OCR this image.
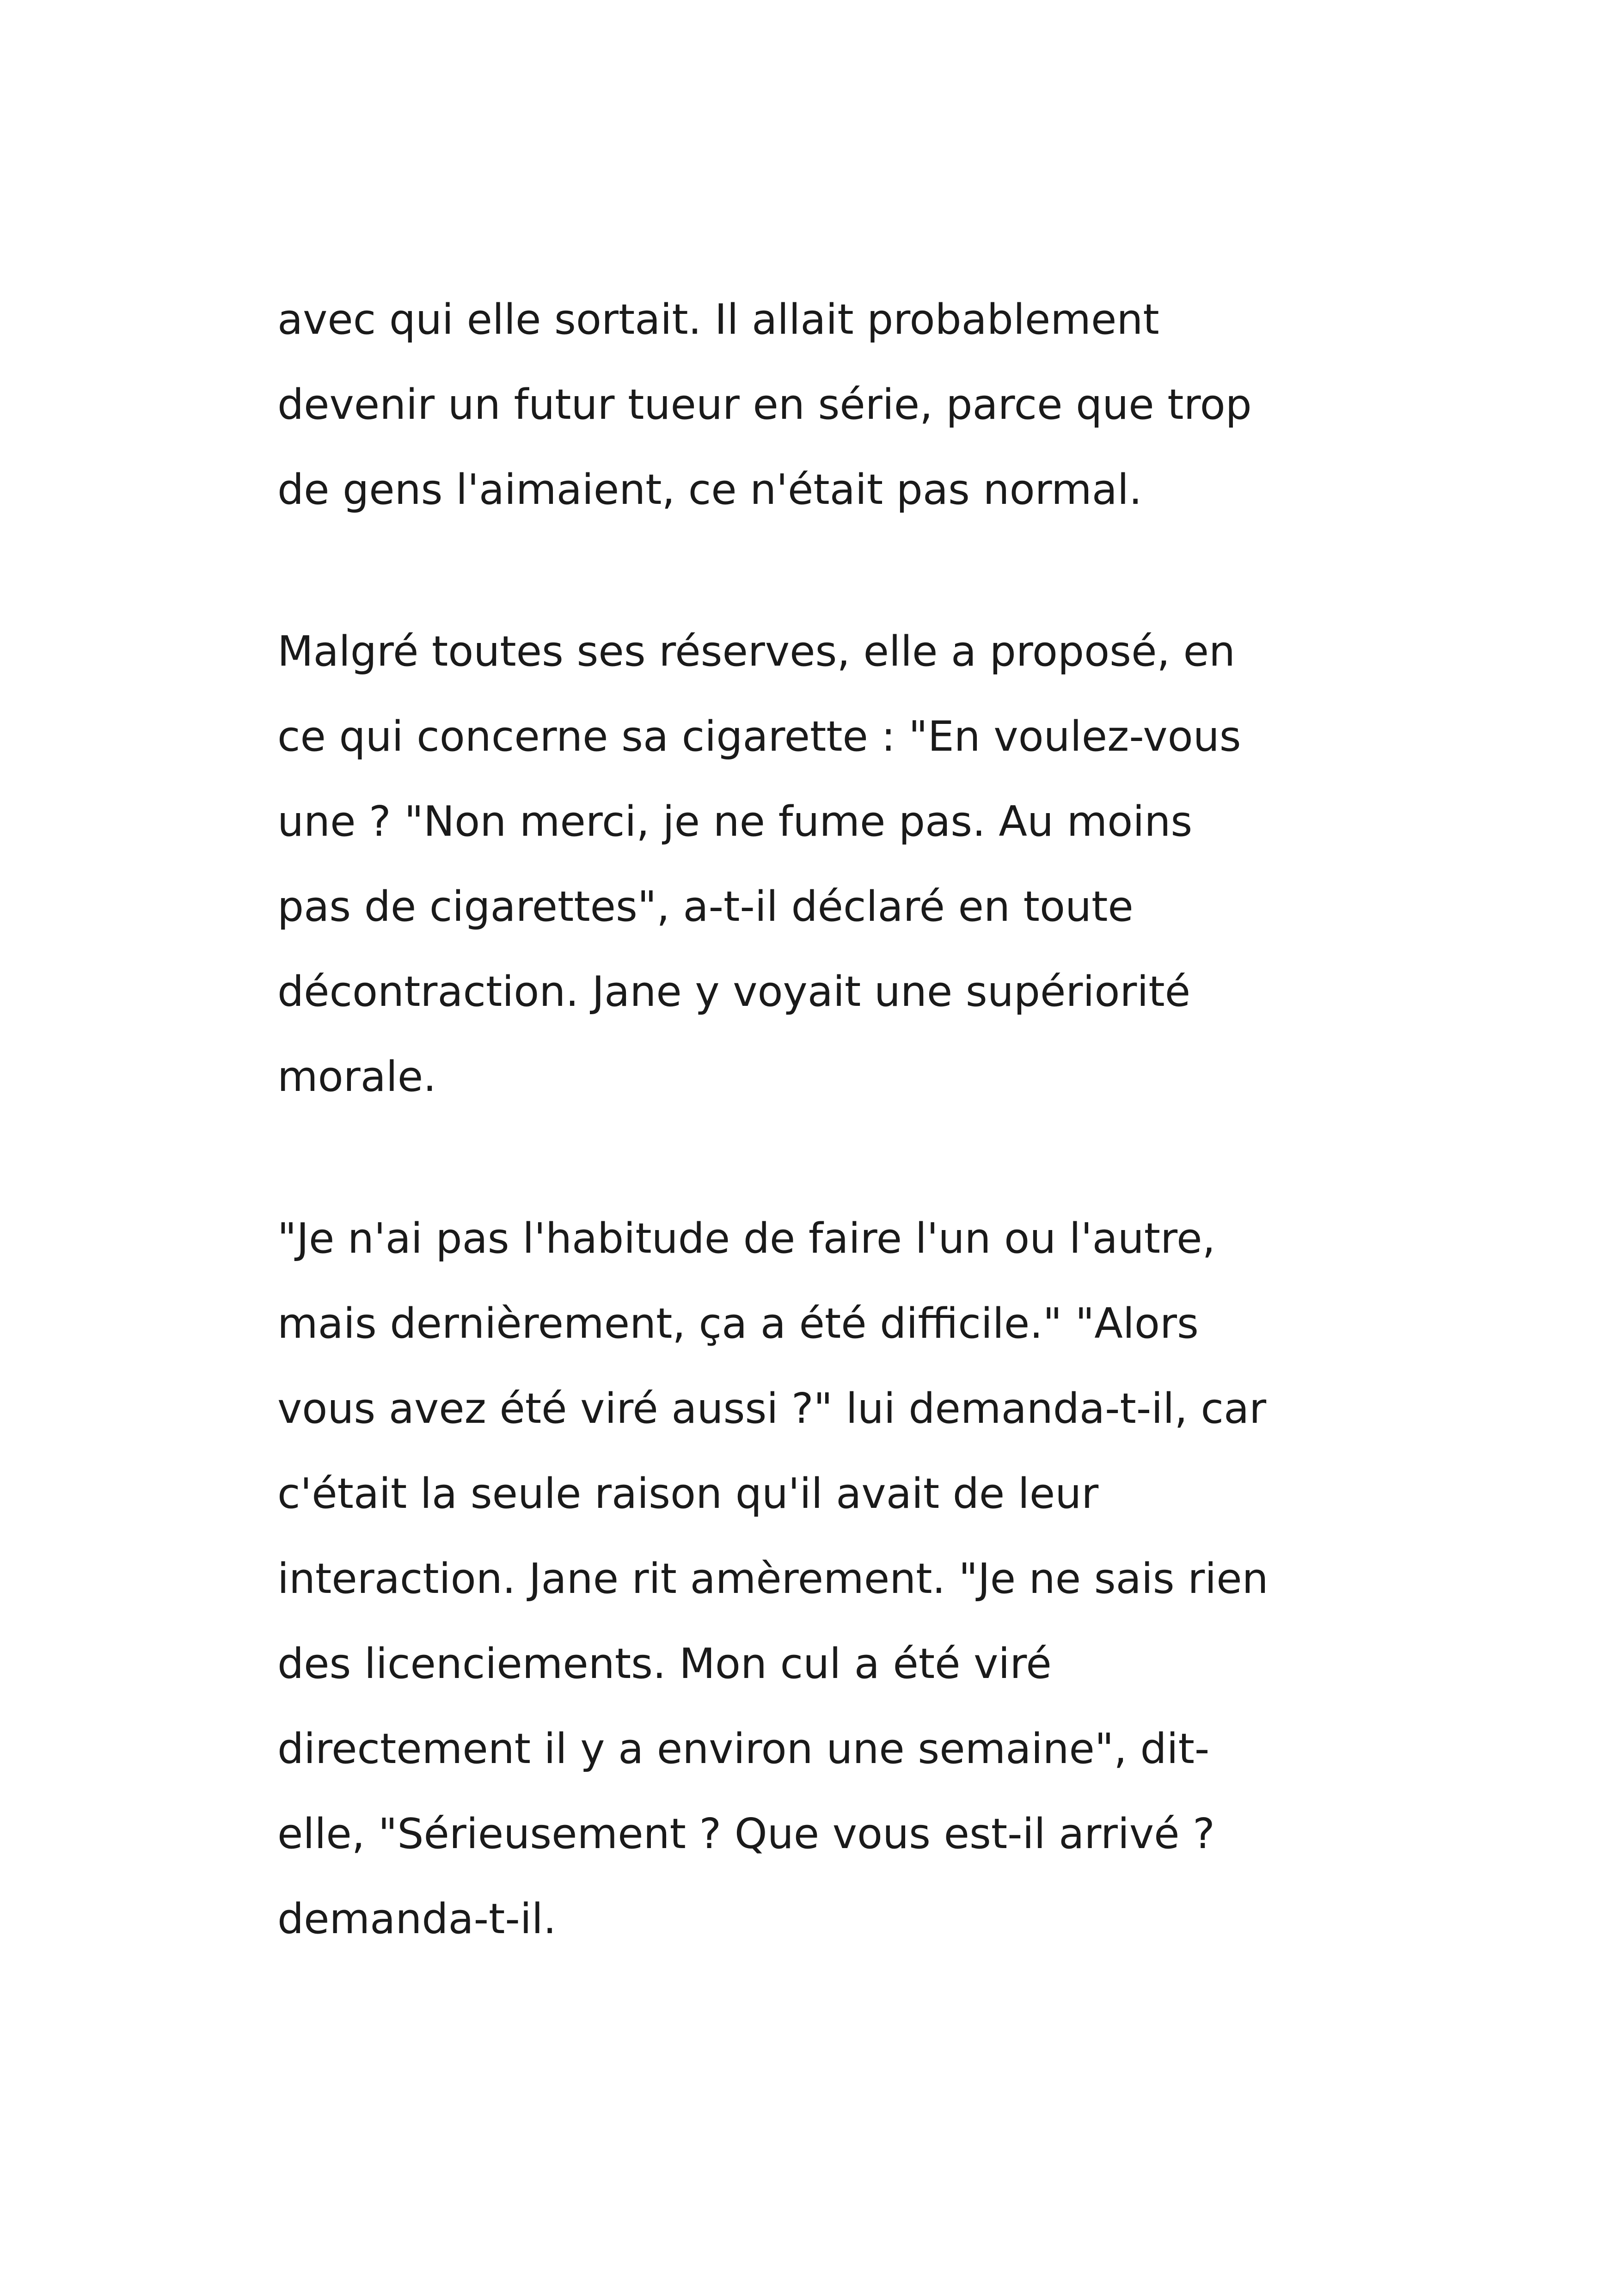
avec qui elle sortait. Il allait probablement
devenir un futur tueur en série, parce que trop
de gens l'aimaient, ce n'était pas normal.
Malgré toutes ses réserves, elle a proposé, en
ce qui concerne sa cigarette : "En voulez-vous
une ? "Non merci, je ne fume pas. Au moins
pas de cigarettes", a-t-il déclaré en toute
décontraction. Jane y voyait une supériorité
morale.
"Je n'ai pas l'habitude de faire l'un ou l'autre,
mais dernièrement, ça a été difficile." "Alors
vous avez été viré aussi ?" lui demanda-t-il, car
c'était la seule raison qu'il avait de leur
interaction. Jane rit amèrement. "Je ne sais rien
des licenciements. Mon cul a été viré
directement il y a environ une semaine", dit-
elle, "Sérieusement ? Que vous est-il arrivé ?
demanda-t-il.
